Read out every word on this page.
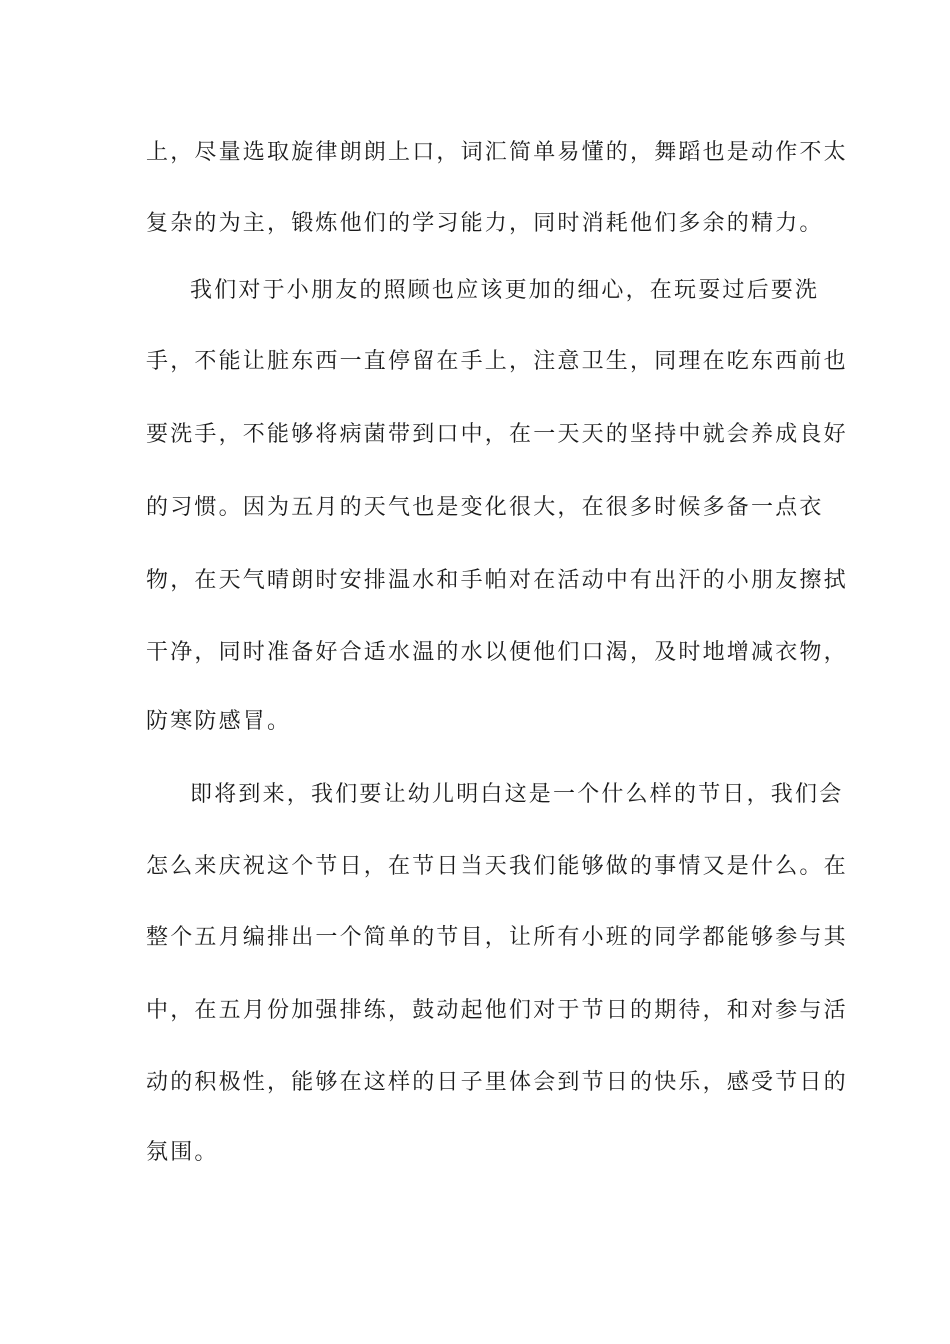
上，尽量选取旋律朗朗上口，词汇简单易懂的，舞蹈也是动作不太
复杂的为主，锻炼他们的学习能力，同时消耗他们多余的精力。
我们对于小朋友的照顾也应该更加的细心，在玩耍过后要洗
手，不能让脏东西一直停留在手上，注意卫生，同理在吃东西前也
要洗手，不能够将病菌带到口中，在一天天的坚持中就会养成良好
的习惯。因为五月的天气也是变化很大，在很多时候多备一点衣
物，在天气晴朗时安排温水和手帕对在活动中有出汗的小朋友擦拭
干净，同时准备好合适水温的水以便他们口渴，及时地增减衣物，
防寒防感冒。
即将到来，我们要让幼儿明白这是一个什么样的节日，我们会
怎么来庆祝这个节日，在节日当天我们能够做的事情又是什么。在
整个五月编排出一个简单的节目，让所有小班的同学都能够参与其
中，在五月份加强排练，鼓动起他们对于节日的期待，和对参与活
动的积极性，能够在这样的日子里体会到节日的快乐，感受节日的
氛围。
